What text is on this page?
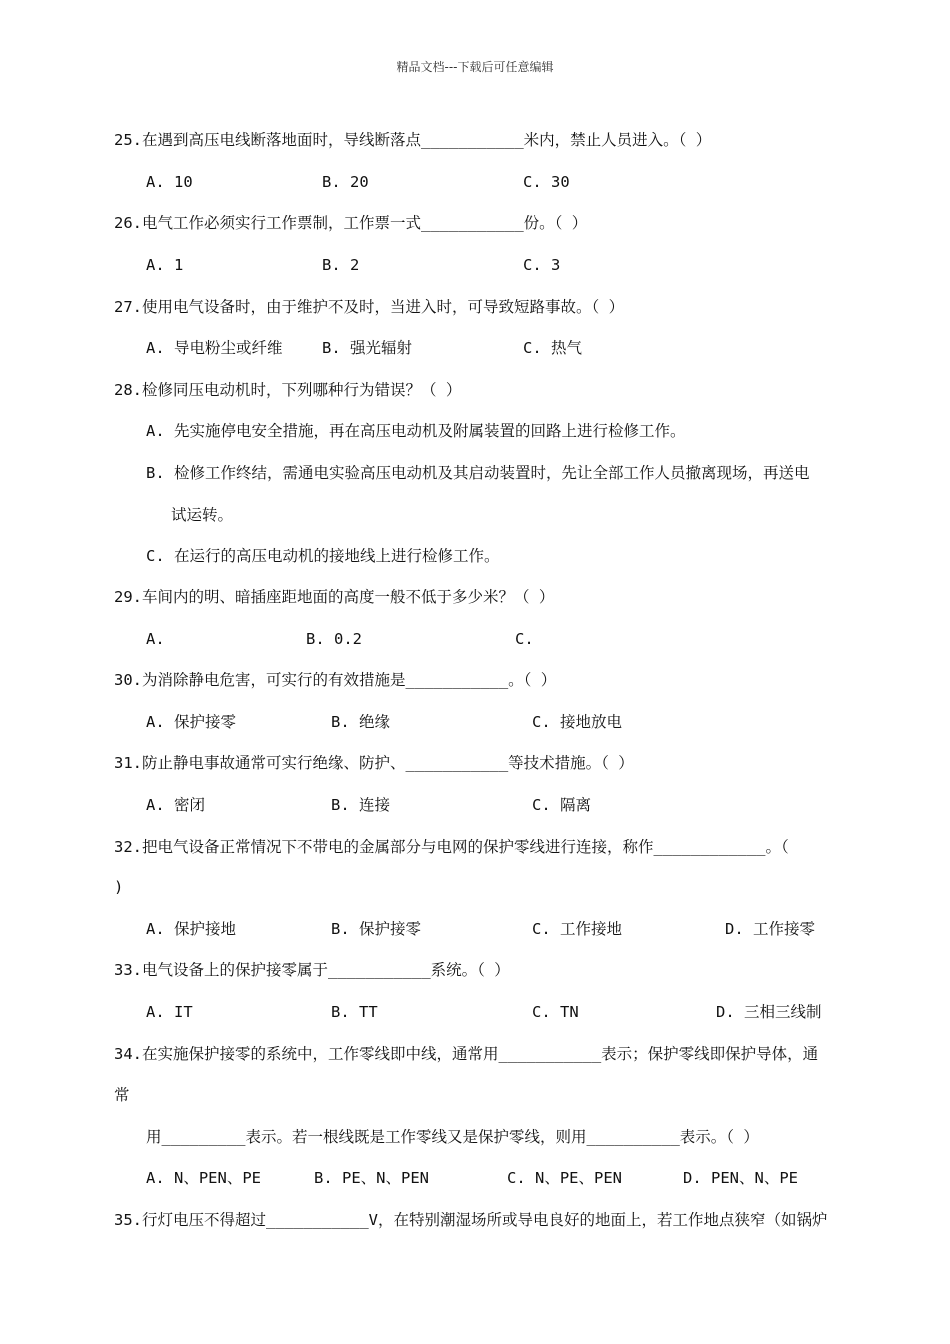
精品文档---下载后可任意编辑
25.在遇到高压电线断落地面时，导线断落点___________米内，禁止人员进入。（ ）
A. 10	B. 20	C. 30
26.电气工作必须实行工作票制，工作票一式___________份。（ ）
A. 1	B. 2	C. 3
27.使用电气设备时，由于维护不及时，当进入时，可导致短路事故。（ ）
A. 导电粉尘或纤维	B. 强光辐射	C. 热气
28.检修同压电动机时，下列哪种行为错误？（ ）
A. 先实施停电安全措施，再在高压电动机及附属装置的回路上进行检修工作。
B. 检修工作终结，需通电实验高压电动机及其启动装置时，先让全部工作人员撤离现场，再送电
试运转。
C. 在运行的高压电动机的接地线上进行检修工作。
29.车间内的明、暗插座距地面的高度一般不低于多少米？（ ）
A.	B. 0.2	C.
30.为消除静电危害，可实行的有效措施是___________。（ ）
A. 保护接零	B. 绝缘	C. 接地放电
31.防止静电事故通常可实行绝缘、防护、___________等技术措施。（ ）
A. 密闭	B. 连接	C. 隔离
32.把电气设备正常情况下不带电的金属部分与电网的保护零线进行连接，称作____________。（
)
A. 保护接地	B. 保护接零	C. 工作接地	D. 工作接零
33.电气设备上的保护接零属于___________系统。（ ）
A. IT	B. TT	C. TN	D. 三相三线制
34.在实施保护接零的系统中，工作零线即中线，通常用___________表示；保护零线即保护导体，通
常
用_________表示。若一根线既是工作零线又是保护零线，则用__________表示。（ ）
A. N、PEN、PE	B. PE、N、PEN	C. N、PE、PEN	D. PEN、N、PE
35.行灯电压不得超过___________V，在特别潮湿场所或导电良好的地面上，若工作地点狭窄（如锅炉
